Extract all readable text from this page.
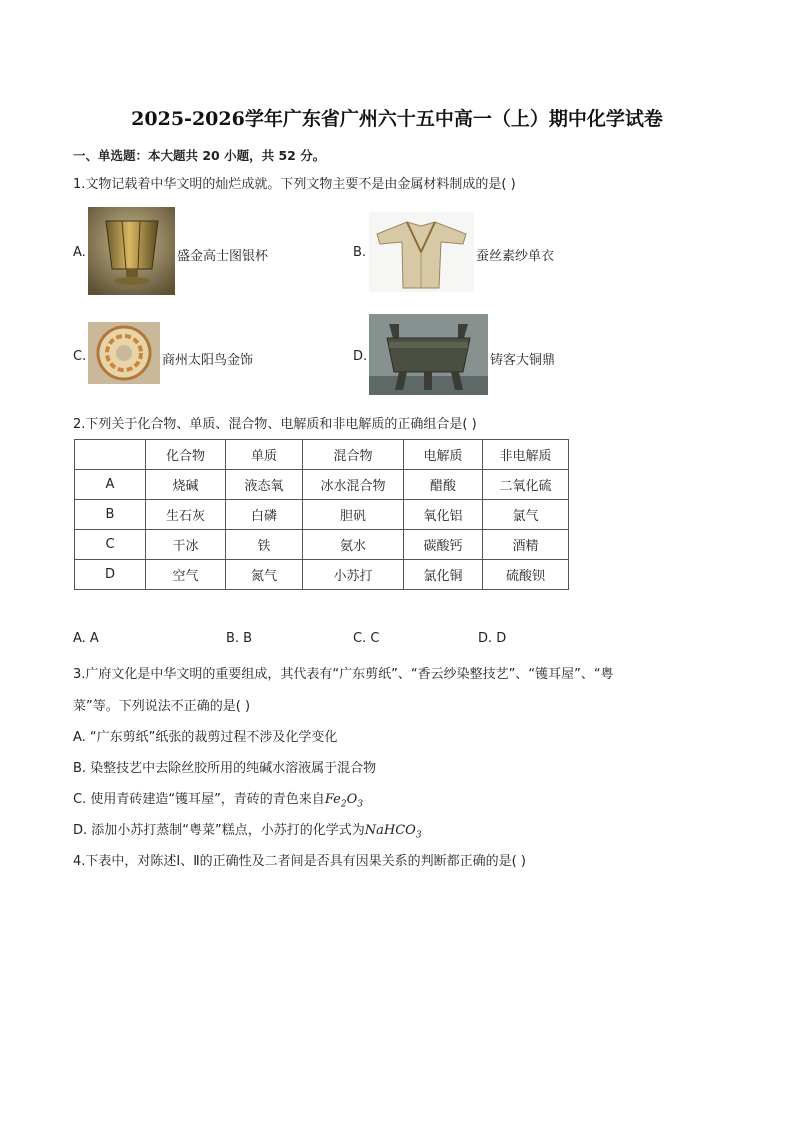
2025-2026学年广东省广州六十五中高一（上）期中化学试卷
一、单选题：本大题共 20 小题，共 52 分。
1.文物记载着中华文明的灿烂成就。下列文物主要不是由金属材料制成的是( )
A.	盛金高士图银杯	B.	蚕丝素纱单衣
C.	商州太阳鸟金饰	D.	铸客大铜鼎
2.下列关于化合物、单质、混合物、电解质和非电解质的正确组合是( )
	化合物	单质	混合物	电解质	非电解质
A	烧碱	液态氧	冰水混合物	醋酸	二氧化硫
B	生石灰	白磷	胆矾	氧化铝	氯气
C	干冰	铁	氨水	碳酸钙	酒精
D	空气	氮气	小苏打	氯化铜	硫酸钡
A. A	B. B	C. C	D. D
3.广府文化是中华文明的重要组成，其代表有“广东剪纸”、“香云纱染整技艺”、“镬耳屋”、“粤
菜”等。下列说法不正确的是( )
A. “广东剪纸”纸张的裁剪过程不涉及化学变化
B. 染整技艺中去除丝胶所用的纯碱水溶液属于混合物
C. 使用青砖建造“镬耳屋”，青砖的青色来自$Fe_2O_3$
D. 添加小苏打蒸制“粤菜”糕点，小苏打的化学式为NaHCO$_3$
4.下表中，对陈述Ⅰ、Ⅱ的正确性及二者间是否具有因果关系的判断都正确的是( )
